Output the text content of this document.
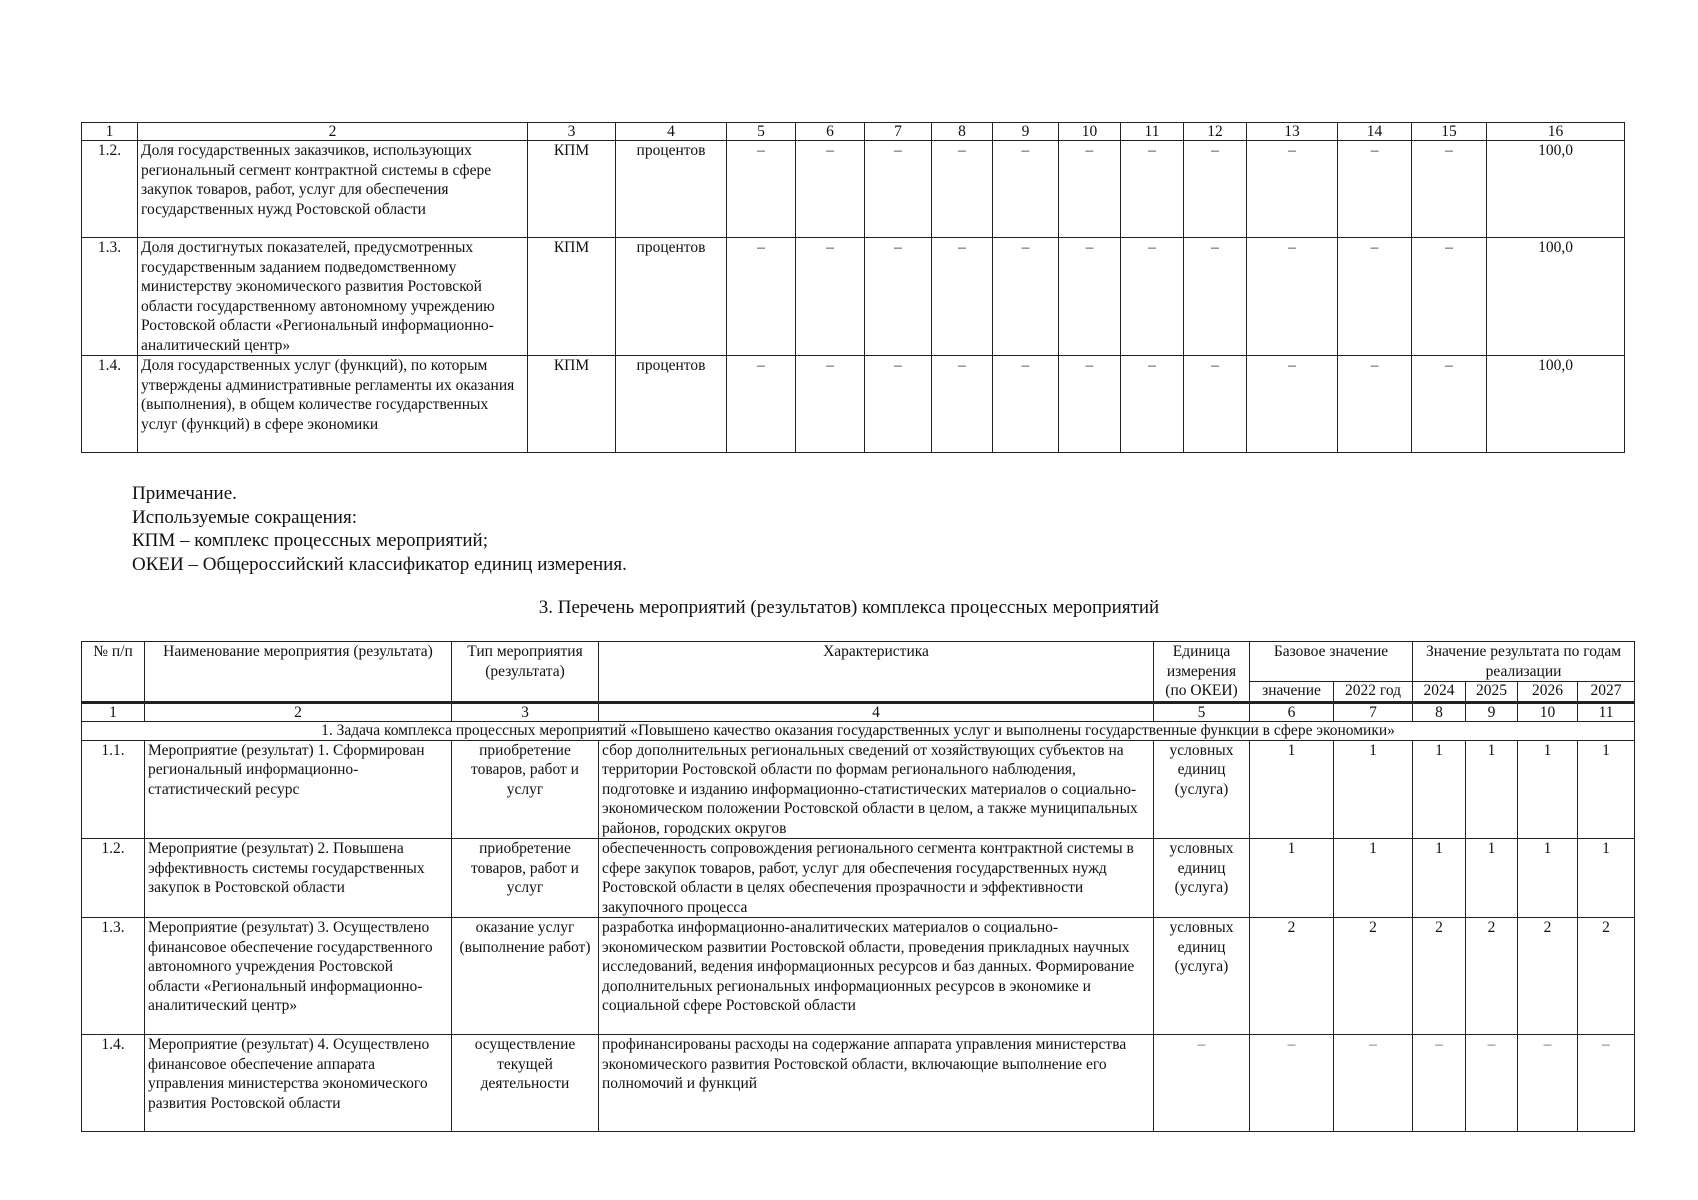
1	2	3	4	5	6	7	8	9	10	11	12	13	14	15	16
1.2.	Доля государственных заказчиков, использующих региональный сегмент контрактной системы в сфере закупок товаров, работ, услуг для обеспечения государственных нужд Ростовской области	КПМ	процентов	–	–	–	–	–	–	–	–	–	–	–	100,0
1.3.	Доля достигнутых показателей, предусмотренных государственным заданием подведомственному министерству экономического развития Ростовской области государственному автономному учреждению Ростовской области «Региональный информационно-аналитический центр»	КПМ	процентов	–	–	–	–	–	–	–	–	–	–	–	100,0
1.4.	Доля государственных услуг (функций), по которым утверждены административные регламенты их оказания (выполнения), в общем количестве государственных услуг (функций) в сфере экономики	КПМ	процентов	–	–	–	–	–	–	–	–	–	–	–	100,0
Примечание.
Используемые сокращения:
КПМ – комплекс процессных мероприятий;
ОКЕИ – Общероссийский классификатор единиц измерения.
3. Перечень мероприятий (результатов) комплекса процессных мероприятий
№ п/п	Наименование мероприятия (результата)	Тип мероприятия (результата)	Характеристика	Единица измерения (по ОКЕИ)	Базовое значение		Значение результата по годам реализации			
					значение	2022 год	2024	2025	2026	2027
1	2	3	4	5	6	7	8	9	10	11
1. Задача комплекса процессных мероприятий «Повышено качество оказания государственных услуг и выполнены государственные функции в сфере экономики»										
1.1.	Мероприятие (результат) 1. Сформирован региональный информационно-статистический ресурс	приобретение товаров, работ и услуг	сбор дополнительных региональных сведений от хозяйствующих субъектов на территории Ростовской области по формам регионального наблюдения, подготовке и изданию информационно-статистических материалов о социально-экономическом положении Ростовской области в целом, а также муниципальных районов, городских округов	условных единиц (услуга)	1	1	1	1	1	1
1.2.	Мероприятие (результат) 2. Повышена эффективность системы государственных закупок в Ростовской области	приобретение товаров, работ и услуг	обеспеченность сопровождения регионального сегмента контрактной системы в сфере закупок товаров, работ, услуг для обеспечения государственных нужд Ростовской области в целях обеспечения прозрачности и эффективности закупочного процесса	условных единиц (услуга)	1	1	1	1	1	1
1.3.	Мероприятие (результат) 3. Осуществлено финансовое обеспечение государственного автономного учреждения Ростовской области «Региональный информационно-аналитический центр»	оказание услуг (выполнение работ)	разработка информационно-аналитических материалов о социально-экономическом развитии Ростовской области, проведения прикладных научных исследований, ведения информационных ресурсов и баз данных. Формирование дополнительных региональных информационных ресурсов в экономике и социальной сфере Ростовской области	условных единиц (услуга)	2	2	2	2	2	2
1.4.	Мероприятие (результат) 4. Осуществлено финансовое обеспечение аппарата управления министерства экономического развития Ростовской области	осуществление текущей деятельности	профинансированы расходы на содержание аппарата управления министерства экономического развития Ростовской области, включающие выполнение его полномочий и функций	–	–	–	–	–	–	–
